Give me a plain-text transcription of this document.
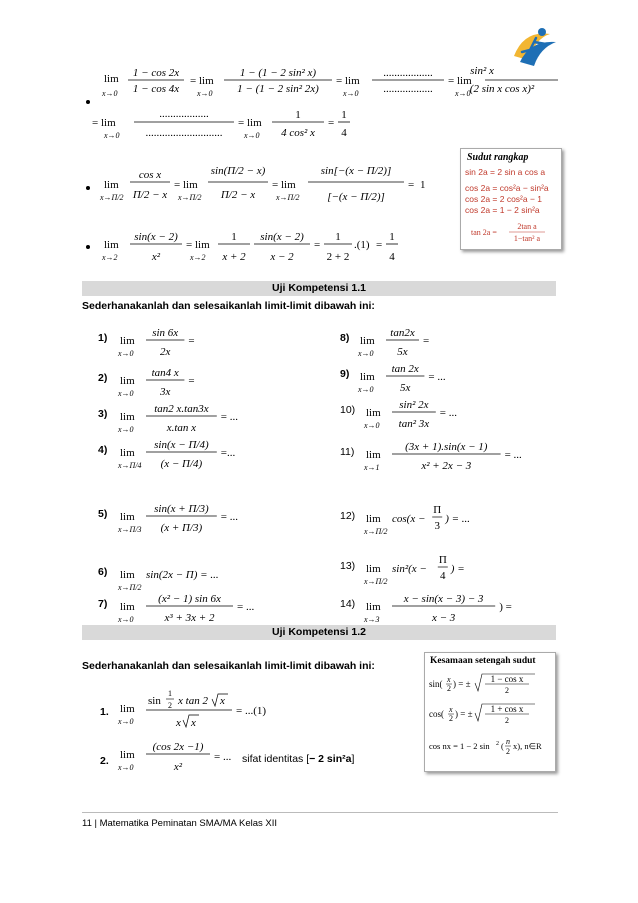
lim
x→0
1 − cos 2x
1 − cos 4x
= lim
x→0
1 − (1 − 2 sin² x)
1 − (1 − 2 sin² 2x)
= lim
x→0
..................
..................
= lim
x→0
sin² x
(2 sin x cos x)²
= lim
x→0
..................
............................
= lim
x→0
1
4 cos² x
=
1
4
lim
x→Π/2
cos x
Π/2 − x
= lim
x→Π/2
sin(Π/2 − x)
Π/2 − x
= lim
x→Π/2
sin[−(x − Π/2)]
[−(x − Π/2)]
= 1
lim
x→2
sin(x − 2)
x²
= lim
x→2
1
x + 2
sin(x − 2)
x − 2
=
1
2 + 2
.(1) =
1
4
Sudut rangkap
sin 2a = 2 sin a cos a
cos 2a = cos²a − sin²a
cos 2a = 2 cos²a − 1
cos 2a = 1 − 2 sin²a
tan 2a =
2tan a
1−tan² a
Uji Kompetensi 1.1
Sederhanakanlah dan selesaikanlah limit-limit dibawah ini:
Uji Kompetensi 1.2
Sederhanakanlah dan selesaikanlah limit-limit dibawah ini:
1. lim
x→0
sin
1
2 x tan 2 x
x x
= ...(1)
2. lim
x→0
(cos 2x −1)
x²
= ... sifat identitas [− 2 sin²a]
Kesamaan setengah sudut
sin( x
2 ) = ± 1 − cos x
2
cos( x
2 ) = ± 1 + cos x
2
cos nx = 1 − 2 sin 2 ( n
2
x), n∈R
11 | Matematika Peminatan SMA/MA Kelas XII
1) lim
x→0
sin 6x
2x
=
2) lim
x→0
tan4 x
3x
=
3) lim
x→0
tan2 x.tan3x
x.tan x
= ...
4) lim
x→Π/4
sin(x − Π/4)
(x − Π/4)
=...
5) lim
x→Π/3
sin(x + Π/3)
(x + Π/3)
= ...
6) lim
x→Π/2
sin(2x − Π) = ...
7) lim
x→0
(x² − 1) sin 6x
x³ + 3x + 2
= ...
8) lim
x→0
tan2x
5x
=
9) lim
x→0
tan 2x
5x
= ...
10) lim
x→0
sin² 2x
tan² 3x
= ...
11) lim
x→1
(3x + 1).sin(x − 1)
x² + 2x − 3
= ...
12) lim
x→Π/2
cos(x −
Π
3
) = ...
13) lim
x→Π/2
sin²(x −
Π
4
) =
14) lim
x→3
x − sin(x − 3) − 3
x − 3
) =
